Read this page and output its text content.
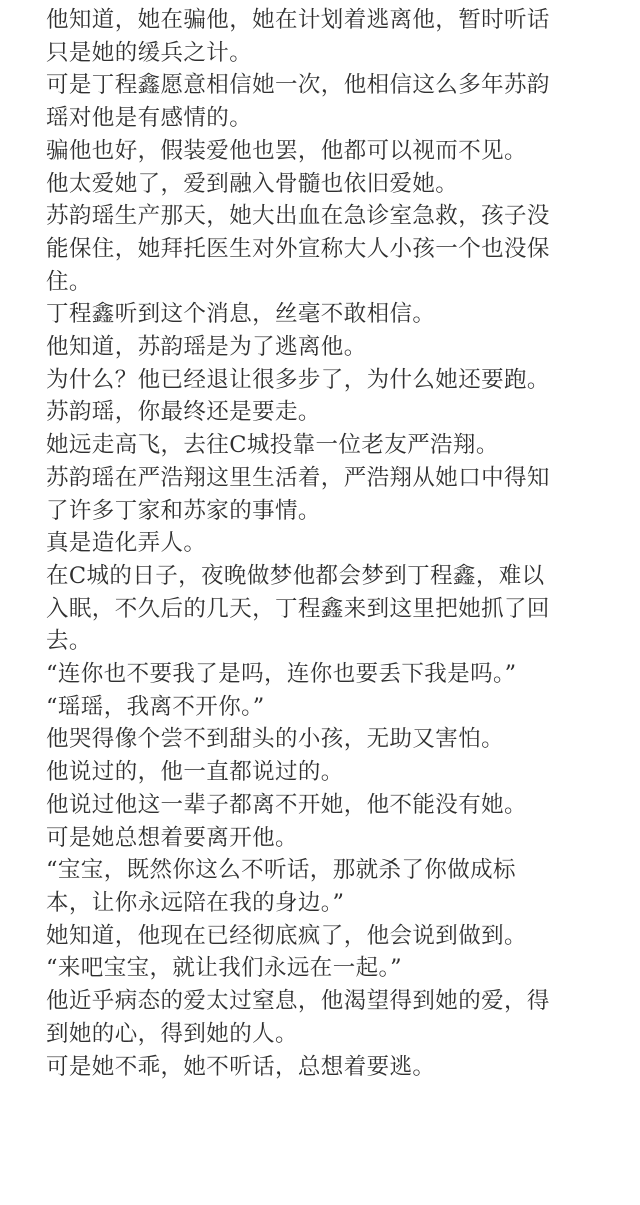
他知道，她在骗他，她在计划着逃离他，暂时听话
只是她的缓兵之计。

可是丁程鑫愿意相信她一次，他相信这么多年苏韵
瑶对他是有感情的。

骗他也好，假装爱他也罢，他都可以视而不见。

他太爱她了，爱到融入骨髓也依旧爱她。

苏韵瑶生产那天，她大出血在急诊室急救，孩子没
能保住，她拜托医生对外宣称大人小孩一个也没保
住。

丁程鑫听到这个消息，丝毫不敢相信。

他知道，苏韵瑶是为了逃离他。

为什么？他已经退让很多步了，为什么她还要跑。

苏韵瑶，你最终还是要走。

她远走高飞，去往C城投靠一位老友严浩翔。

苏韵瑶在严浩翔这里生活着，严浩翔从她口中得知
了许多丁家和苏家的事情。

真是造化弄人。

在C城的日子，夜晚做梦他都会梦到丁程鑫，难以
入眠，不久后的几天，丁程鑫来到这里把她抓了回
去。

“连你也不要我了是吗，连你也要丢下我是吗。”

“瑶瑶，我离不开你。”

他哭得像个尝不到甜头的小孩，无助又害怕。

他说过的，他一直都说过的。

他说过他这一辈子都离不开她，他不能没有她。

可是她总想着要离开他。

“宝宝，既然你这么不听话，那就杀了你做成标
本，让你永远陪在我的身边。”

她知道，他现在已经彻底疯了，他会说到做到。

“来吧宝宝，就让我们永远在一起。”

他近乎病态的爱太过窒息，他渴望得到她的爱，得
到她的心，得到她的人。

可是她不乖，她不听话，总想着要逃。
